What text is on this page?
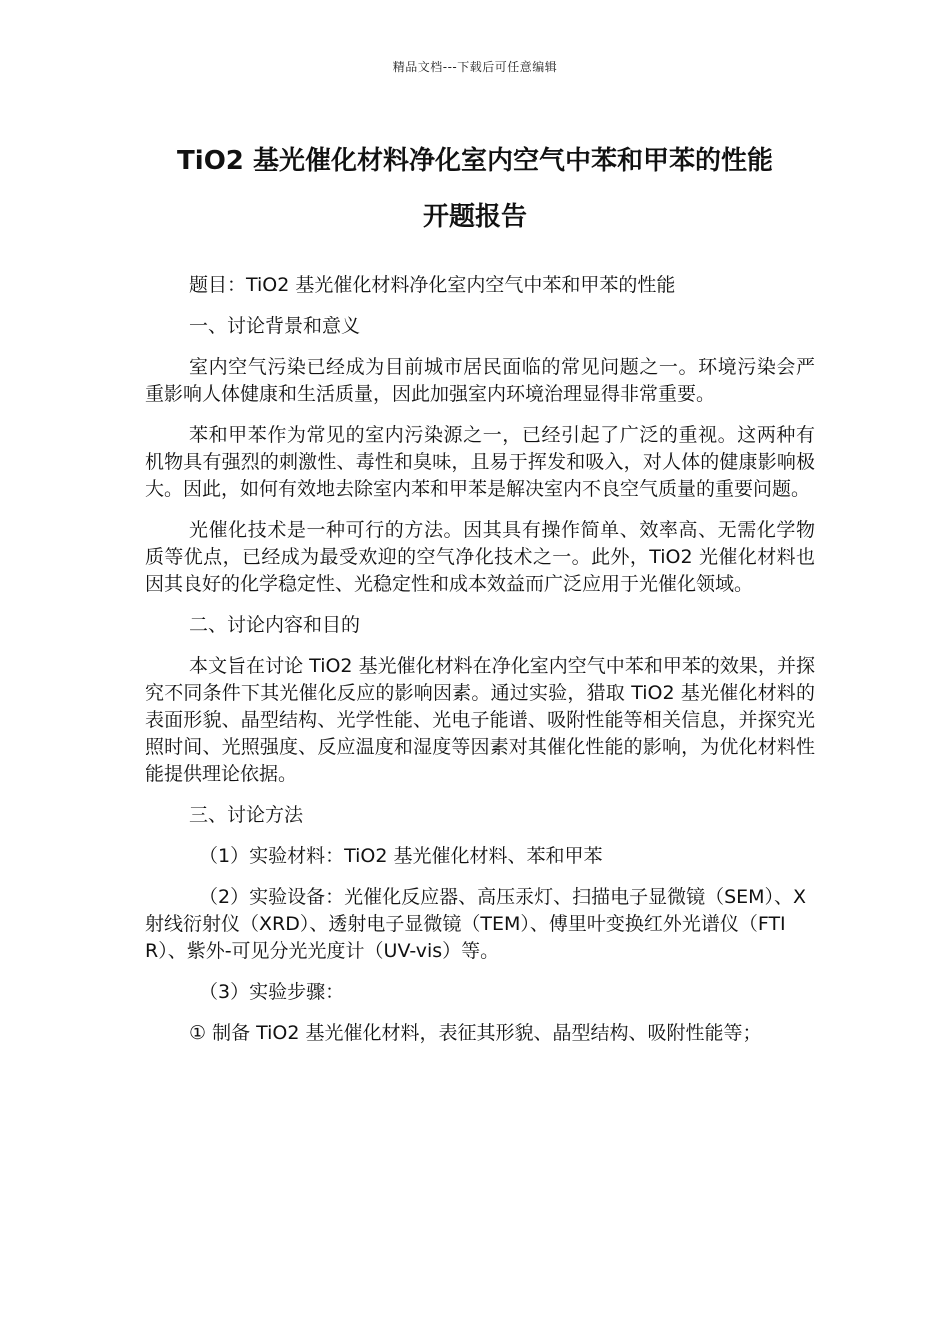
精品文档---下载后可任意编辑
TiO2 基光催化材料净化室内空气中苯和甲苯的性能
开题报告

题目：TiO2 基光催化材料净化室内空气中苯和甲苯的性能

一、讨论背景和意义

室内空气污染已经成为目前城市居民面临的常见问题之一。环境污染会严重影响人体健康和生活质量，因此加强室内环境治理显得非常重要。

苯和甲苯作为常见的室内污染源之一，已经引起了广泛的重视。这两种有机物具有强烈的刺激性、毒性和臭味，且易于挥发和吸入，对人体的健康影响极大。因此，如何有效地去除室内苯和甲苯是解决室内不良空气质量的重要问题。

光催化技术是一种可行的方法。因其具有操作简单、效率高、无需化学物质等优点，已经成为最受欢迎的空气净化技术之一。此外，TiO2 光催化材料也因其良好的化学稳定性、光稳定性和成本效益而广泛应用于光催化领域。

二、讨论内容和目的

本文旨在讨论 TiO2 基光催化材料在净化室内空气中苯和甲苯的效果，并探究不同条件下其光催化反应的影响因素。通过实验，猎取 TiO2 基光催化材料的表面形貌、晶型结构、光学性能、光电子能谱、吸附性能等相关信息，并探究光照时间、光照强度、反应温度和湿度等因素对其催化性能的影响，为优化材料性能提供理论依据。

三、讨论方法

（1）实验材料：TiO2 基光催化材料、苯和甲苯

（2）实验设备：光催化反应器、高压汞灯、扫描电子显微镜（SEM）、X 射线衍射仪（XRD）、透射电子显微镜（TEM）、傅里叶变换红外光谱仪（FTIR）、紫外-可见分光光度计（UV-vis）等。

（3）实验步骤：

① 制备 TiO2 基光催化材料，表征其形貌、晶型结构、吸附性能等；
